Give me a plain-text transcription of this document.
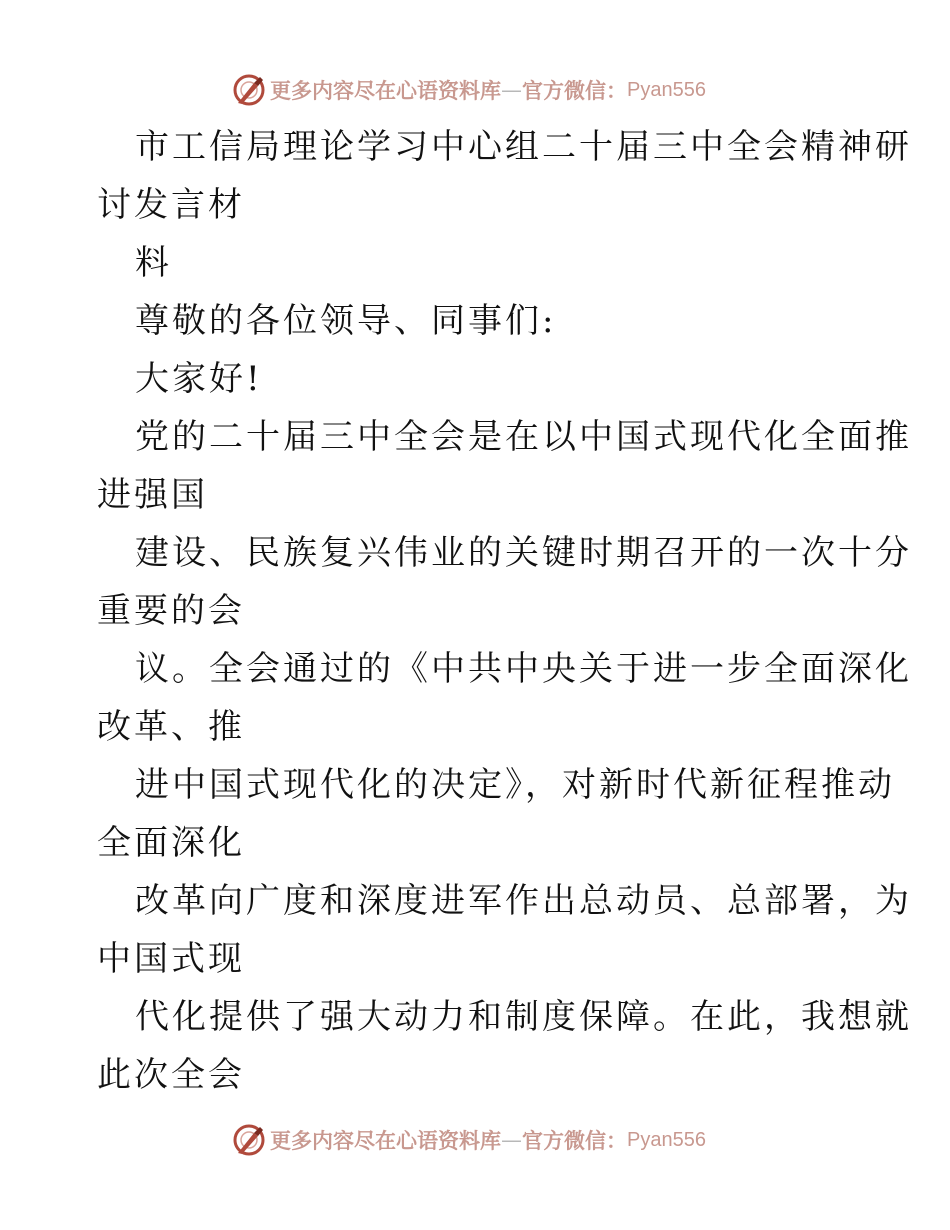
更多内容尽在心语资料库 — 官方微信： Pyan556
市工信局理论学习中心组二十届三中全会精神研
讨发言材
料
尊敬的各位领导、同事们:
大家好!
党的二十届三中全会是在以中国式现代化全面推
进强国
建设、民族复兴伟业的关键时期召开的一次十分
重要的会
议。全会通过的《中共中央关于进一步全面深化
改革、推
进中国式现代化的决定》，对新时代新征程推动
全面深化
改革向广度和深度进军作出总动员、总部署，为
中国式现
代化提供了强大动力和制度保障。在此，我想就
此次全会
更多内容尽在心语资料库 — 官方微信： Pyan556
